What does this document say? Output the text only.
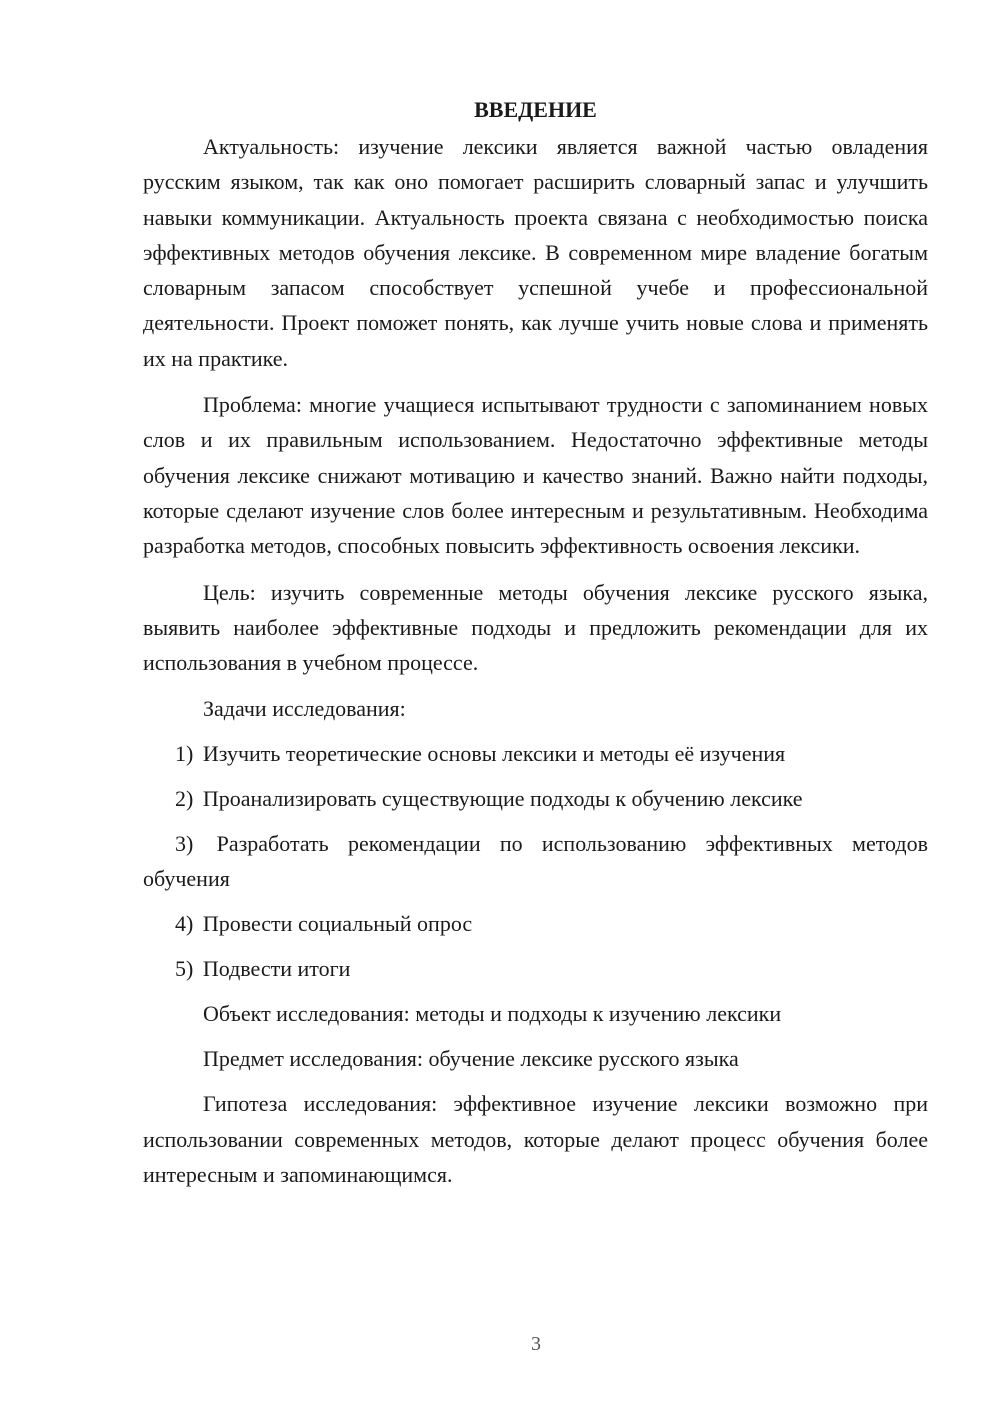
ВВЕДЕНИЕ

Актуальность: изучение лексики является важной частью овладения русским языком, так как оно помогает расширить словарный запас и улучшить навыки коммуникации. Актуальность проекта связана с необходимостью поиска эффективных методов обучения лексике. В современном мире владение богатым словарным запасом способствует успешной учебе и профессиональной деятельности. Проект поможет понять, как лучше учить новые слова и применять их на практике.

Проблема: многие учащиеся испытывают трудности с запоминанием новых слов и их правильным использованием. Недостаточно эффективные методы обучения лексике снижают мотивацию и качество знаний. Важно найти подходы, которые сделают изучение слов более интересным и результативным. Необходима разработка методов, способных повысить эффективность освоения лексики.

Цель: изучить современные методы обучения лексике русского языка, выявить наиболее эффективные подходы и предложить рекомендации для их использования в учебном процессе.

Задачи исследования:

1) Изучить теоретические основы лексики и методы её изучения
2) Проанализировать существующие подходы к обучению лексике
3) Разработать рекомендации по использованию эффективных методов обучения
4) Провести социальный опрос
5) Подвести итоги

Объект исследования: методы и подходы к изучению лексики

Предмет исследования: обучение лексике русского языка

Гипотеза исследования: эффективное изучение лексики возможно при использовании современных методов, которые делают процесс обучения более интересным и запоминающимся.

3
